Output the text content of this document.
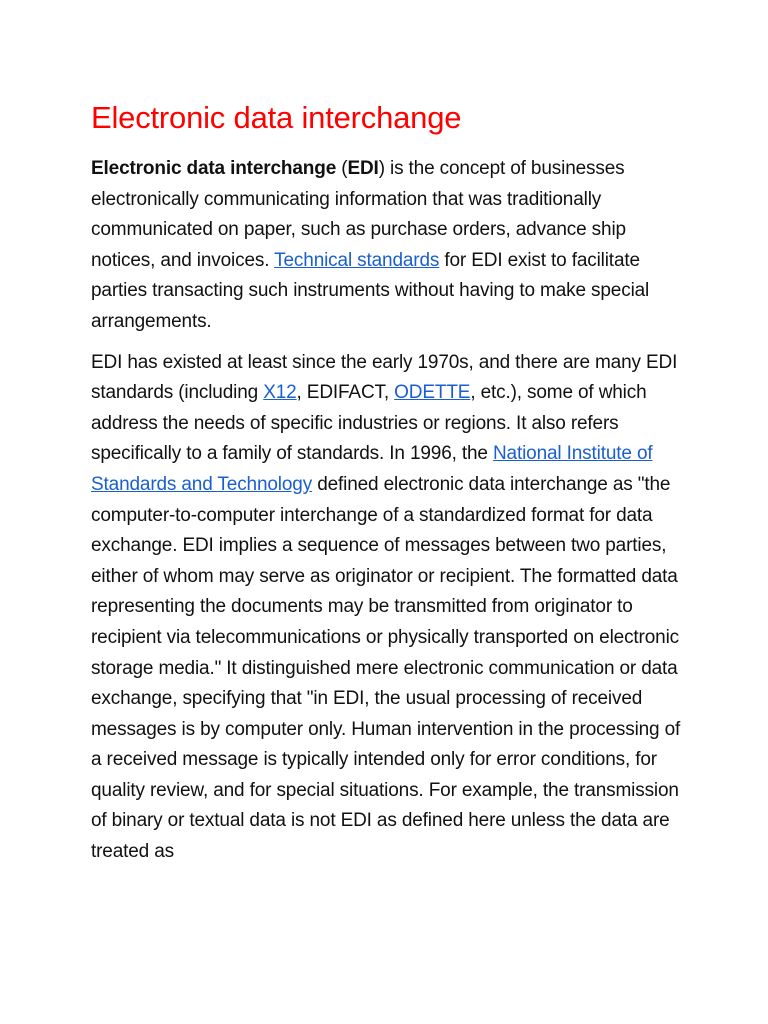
Electronic data interchange

Electronic data interchange (EDI) is the concept of businesses electronically communicating information that was traditionally communicated on paper, such as purchase orders, advance ship notices, and invoices. Technical standards for EDI exist to facilitate parties transacting such instruments without having to make special arrangements.

EDI has existed at least since the early 1970s, and there are many EDI standards (including X12, EDIFACT, ODETTE, etc.), some of which address the needs of specific industries or regions. It also refers specifically to a family of standards. In 1996, the National Institute of Standards and Technology defined electronic data interchange as "the computer-to-computer interchange of a standardized format for data exchange. EDI implies a sequence of messages between two parties, either of whom may serve as originator or recipient. The formatted data representing the documents may be transmitted from originator to recipient via telecommunications or physically transported on electronic storage media." It distinguished mere electronic communication or data exchange, specifying that "in EDI, the usual processing of received messages is by computer only. Human intervention in the processing of a received message is typically intended only for error conditions, for quality review, and for special situations. For example, the transmission of binary or textual data is not EDI as defined here unless the data are treated as
